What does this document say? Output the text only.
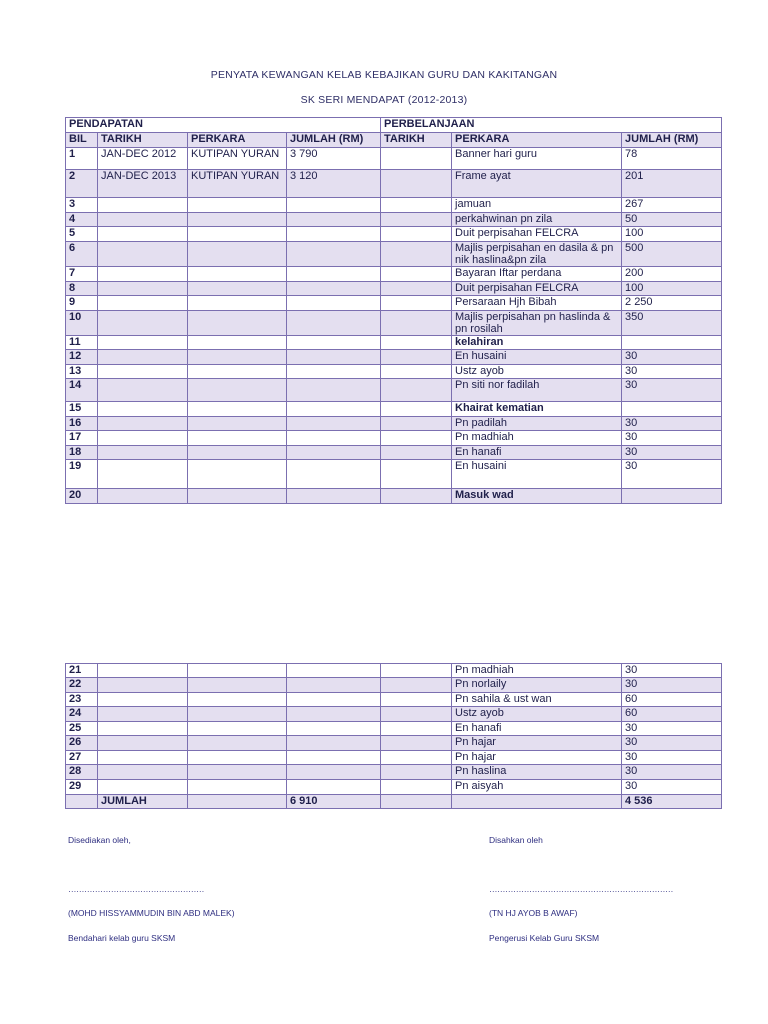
PENYATA KEWANGAN KELAB KEBAJIKAN GURU DAN KAKITANGAN
SK SERI MENDAPAT (2012-2013)
PENDAPATAN				PERBELANJAAN		
BIL	TARIKH	PERKARA	JUMLAH (RM)	TARIKH	PERKARA	JUMLAH (RM)
1	JAN-DEC 2012	KUTIPAN YURAN	3 790		Banner hari guru	78
2	JAN-DEC 2013	KUTIPAN YURAN	3 120		Frame ayat	201
3					jamuan	267
4					perkahwinan pn zila	50
5					Duit perpisahan FELCRA	100
6					Majlis perpisahan en dasila & pn nik haslina&pn zila	500
7					Bayaran Iftar perdana	200
8					Duit perpisahan FELCRA	100
9					Persaraan Hjh Bibah	2 250
10					Majlis perpisahan pn haslinda & pn rosilah	350
11					kelahiran	
12					En husaini	30
13					Ustz ayob	30
14					Pn siti nor fadilah	30
15					Khairat kematian	
16					Pn padilah	30
17					Pn madhiah	30
18					En hanafi	30
19					En husaini	30
20					Masuk wad	
21					Pn madhiah	30
22					Pn norlaily	30
23					Pn sahila & ust wan	60
24					Ustz ayob	60
25					En hanafi	30
26					Pn hajar	30
27					Pn hajar	30
28					Pn haslina	30
29					Pn aisyah	30
	JUMLAH		6 910			4 536
Disediakan oleh,
……………………………………………
(MOHD HISSYAMMUDIN BIN ABD MALEK)
Bendahari kelab guru SKSM
Disahkan oleh
……………………………………………………………
(TN HJ AYOB B AWAF)
Pengerusi Kelab Guru SKSM
